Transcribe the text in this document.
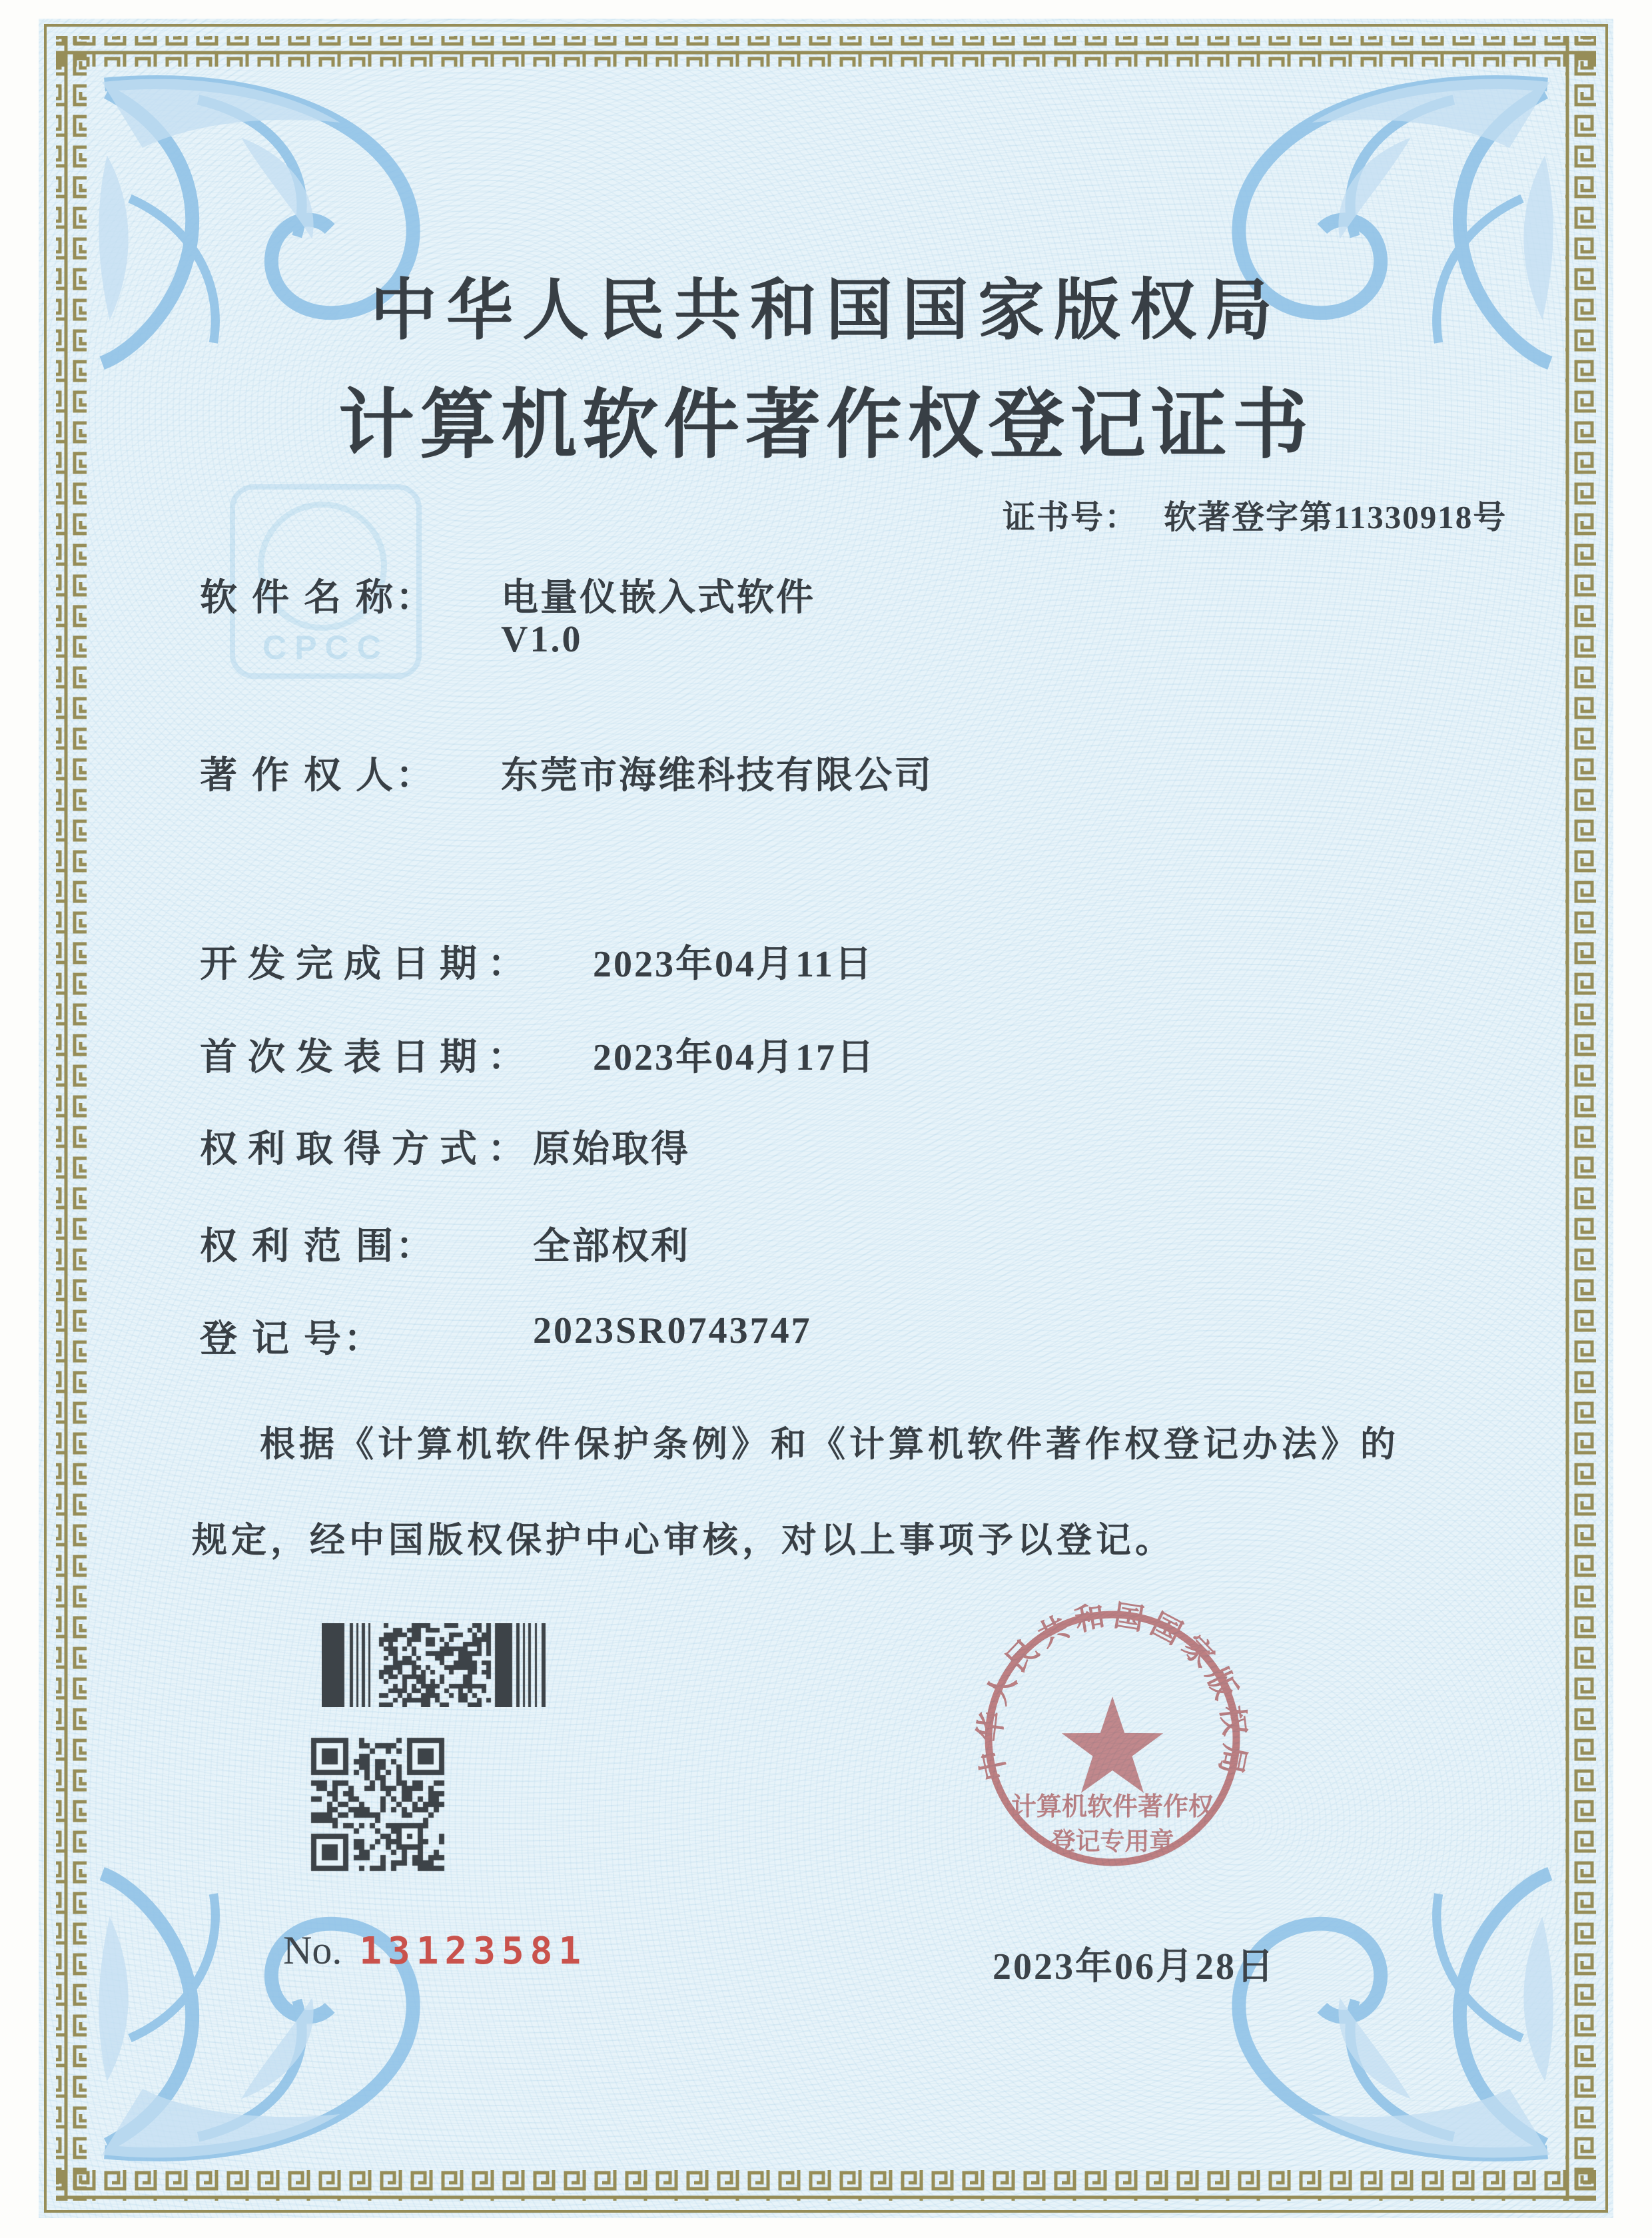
CPCC
中华人民共和国国家版权局
计算机软件著作权登记证书
证书号： 软著登字第11330918号
软 件 名 称： 电量仪嵌入式软件
V1.0
著 作 权 人： 东莞市海维科技有限公司
开发完成日期： 2023年04月11日
首次发表日期： 2023年04月17日
权利取得方式：
原始取得
权 利 范 围：	全部权利
登 记 号：	2023SR0743747
根据《计算机软件保护条例》和《计算机软件著作权登记办法》的
规定，经中国版权保护中心审核，对以上事项予以登记。
No. 13123581
中华人民共和国国家版权局
计算机软件著作权
登记专用章
2023年06月28日
